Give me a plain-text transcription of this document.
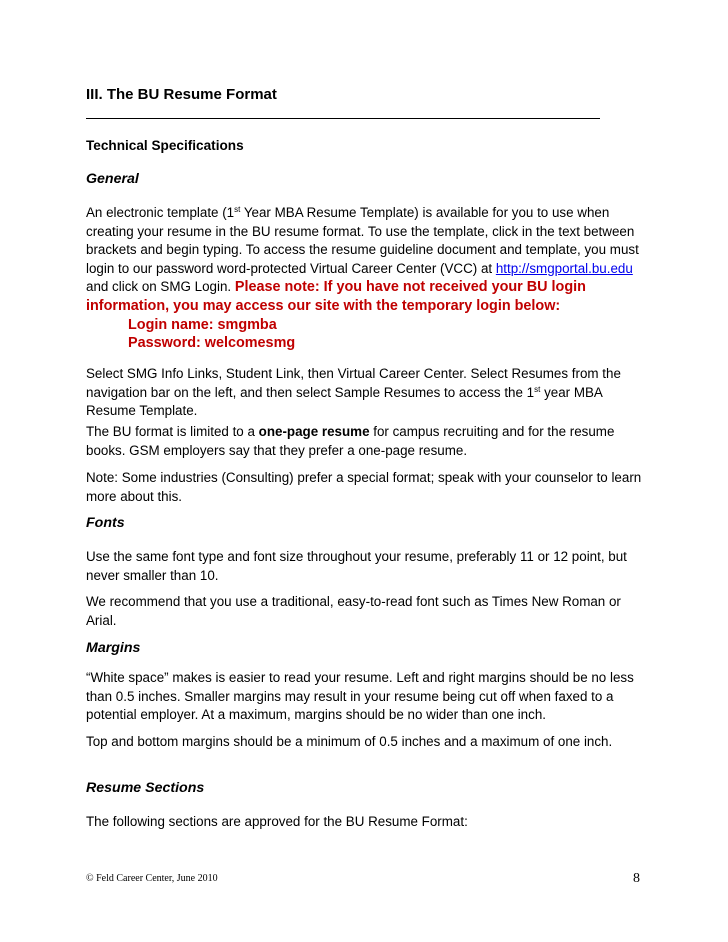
III. The BU Resume Format
Technical Specifications
General

An electronic template (1st Year MBA Resume Template) is available for you to use when creating your resume in the BU resume format. To use the template, click in the text between brackets and begin typing. To access the resume guideline document and template, you must login to our password word-protected Virtual Career Center (VCC) at http://smgportal.bu.edu and click on SMG Login. Please note: If you have not received your BU login information, you may access our site with the temporary login below:

Login name: smgmba

Password: welcomesmg

Select SMG Info Links, Student Link, then Virtual Career Center. Select Resumes from the navigation bar on the left, and then select Sample Resumes to access the 1st year MBA Resume Template.

The BU format is limited to a one-page resume for campus recruiting and for the resume books. GSM employers say that they prefer a one-page resume.

Note: Some industries (Consulting) prefer a special format; speak with your counselor to learn more about this.

Fonts

Use the same font type and font size throughout your resume, preferably 11 or 12 point, but never smaller than 10.

We recommend that you use a traditional, easy-to-read font such as Times New Roman or Arial.

Margins

“White space” makes is easier to read your resume. Left and right margins should be no less than 0.5 inches. Smaller margins may result in your resume being cut off when faxed to a potential employer. At a maximum, margins should be no wider than one inch.

Top and bottom margins should be a minimum of 0.5 inches and a maximum of one inch.

Resume Sections

The following sections are approved for the BU Resume Format:

© Feld Career Center, June 2010	8
